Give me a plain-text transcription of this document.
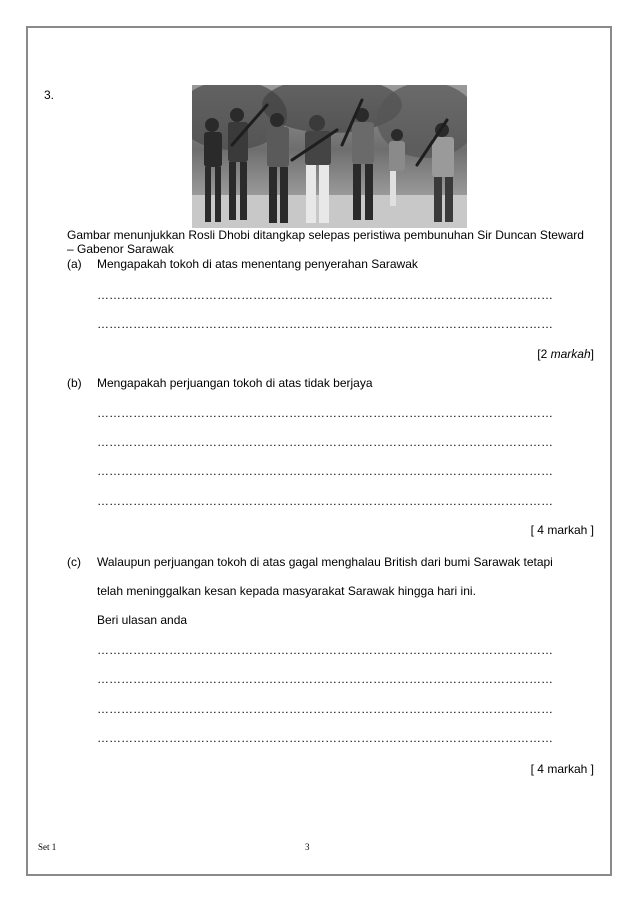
3.
Gambar menunjukkan Rosli Dhobi ditangkap selepas peristiwa pembunuhan Sir Duncan Steward – Gabenor Sarawak
(a) Mengapakah tokoh di atas menentang penyerahan Sarawak
……………………………………………………………………………………………………
……………………………………………………………………………………………………
[2 markah]
(b) Mengapakah perjuangan tokoh di atas tidak berjaya
……………………………………………………………………………………………………
……………………………………………………………………………………………………
……………………………………………………………………………………………………
……………………………………………………………………………………………………
[ 4 markah ]
(c) Walaupun perjuangan tokoh di atas gagal menghalau British dari bumi Sarawak tetapi
telah meninggalkan kesan kepada masyarakat Sarawak hingga hari ini.
Beri ulasan anda
……………………………………………………………………………………………………
……………………………………………………………………………………………………
……………………………………………………………………………………………………
……………………………………………………………………………………………………
[ 4 markah ]
Set 1	3
